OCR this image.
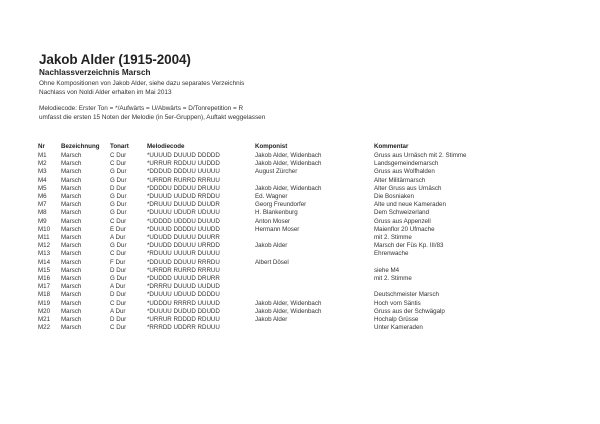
Jakob Alder (1915-2004)
Nachlassverzeichnis Marsch
Ohne Kompositionen von Jakob Alder, siehe dazu separates Verzeichnis
Nachlass von Noldi Alder erhalten im Mai 2013
Melodiecode: Erster Ton = */Aufwärts = U/Abwärts = D/Tonrepetition = R
umfasst die ersten 15 Noten der Melodie (in 5er-Gruppen), Auftakt weggelassen
Nr	Bezeichnung	Tonart	Melodiecode	Komponist	Kommentar
M1	Marsch	C Dur	*UUUUD DUUUD DDDDD	Jakob Alder, Widenbach	Gruss aus Urnäsch mit 2. Stimme
M2	Marsch	C Dur	*URRUR RDDUU UUDDD	Jakob Alder, Widenbach	Landsgemeindemarsch
M3	Marsch	G Dur	*DDDUD DDDUU UUUUU	August Zürcher	Gruss aus Wolfhalden
M4	Marsch	G Dur	*URRDR RURRD RRRUU		Alter Militärmarsch
M5	Marsch	D Dur	*DDDDU DDDUU DRUUU	Jakob Alder, Widenbach	Alter Gruss aus Urnäsch
M6	Marsch	G Dur	*DUUUD UUDUD RRDDU	Ed. Wagner	Die Bosniaken
M7	Marsch	G Dur	*DRUUU DUUUD DUUDR	Georg Freundorfer	Alte und neue Kameraden
M8	Marsch	G Dur	*DUUUU UDUDR UDUUU	H. Blankenburg	Dem Schweizerland
M9	Marsch	C Dur	*UDDDD UDDDU DUUUD	Anton Moser	Gruss aus Appenzell
M10	Marsch	E Dur	*DUUUD DDDDU UUUDD	Hermann Moser	Maienflor 20 Ufmache
M11	Marsch	A Dur	*UDUDD DUUUU DUURR		mit 2. Stimme
M12	Marsch	G Dur	*DUUDD DDUUU URRDD	Jakob Alder	Marsch der Füs Kp. III/83
M13	Marsch	C Dur	*RDUUU UUUUR DUUUU		Ehrenwache
M14	Marsch	F Dur	*DDUUD DDUUU RRRDU	Albert Dösel	
M15	Marsch	D Dur	*URRDR RURRD RRRUU		siehe M4
M16	Marsch	G Dur	*DUDDD UUUUD DRURR		mit 2. Stimme
M17	Marsch	A Dur	*DRRRU DUUUD UUDUD		
M18	Marsch	D Dur	*DUUUU UDUUD DDDDU		Deutschmeister Marsch
M19	Marsch	C Dur	*UDDDU RRRRD UUUUD	Jakob Alder, Widenbach	Hoch vom Säntis
M20	Marsch	A Dur	*DUUUU DUDUD DDUDD	Jakob Alder, Widenbach	Gruss aus der Schwägalp
M21	Marsch	D Dur	*URRUR RDDDD RDUUU	Jakob Alder	Hochalp Grüsse
M22	Marsch	C Dur	*RRRDD UDDRR RDUUU		Unter Kameraden
